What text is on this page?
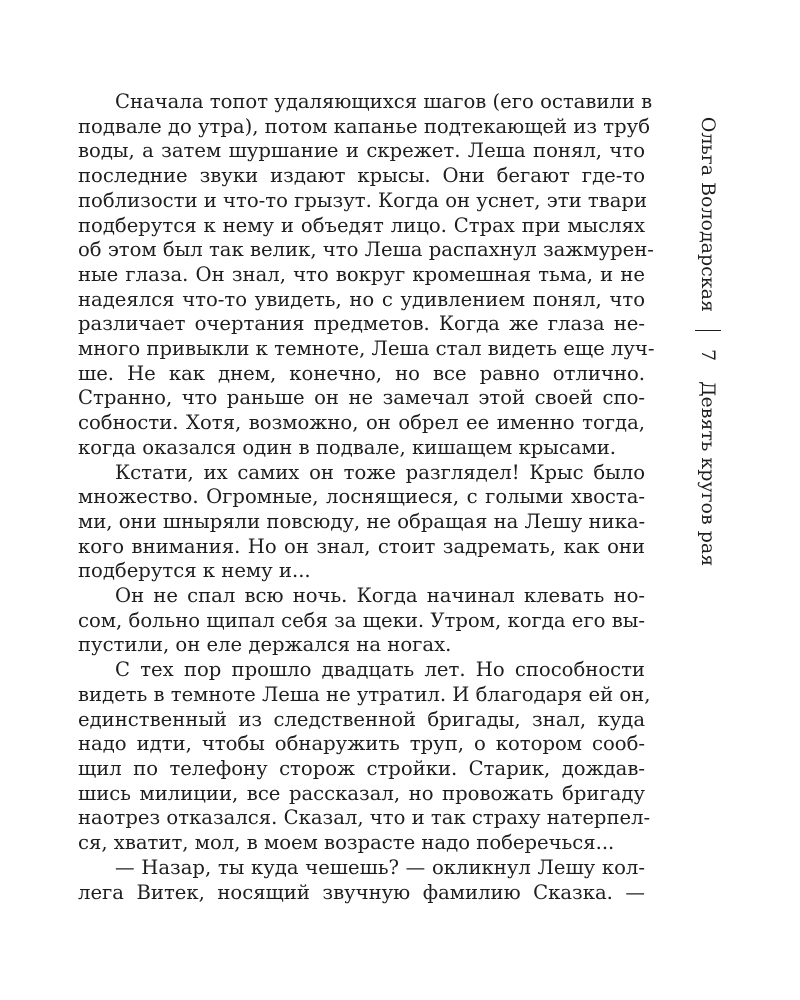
Сначала топот удаляющихся шагов (его оставили в
подвале до утра), потом капанье подтекающей из труб
воды, а затем шуршание и скрежет. Леша понял, что
последние звуки издают крысы. Они бегают где-то
поблизости и что-то грызут. Когда он уснет, эти твари
подберутся к нему и объедят лицо. Страх при мыслях
об этом был так велик, что Леша распахнул зажмурен-
ные глаза. Он знал, что вокруг кромешная тьма, и не
надеялся что-то увидеть, но с удивлением понял, что
различает очертания предметов. Когда же глаза не-
много привыкли к темноте, Леша стал видеть еще луч-
ше. Не как днем, конечно, но все равно отлично.
Странно, что раньше он не замечал этой своей спо-
собности. Хотя, возможно, он обрел ее именно тогда,
когда оказался один в подвале, кишащем крысами.
Кстати, их самих он тоже разглядел! Крыс было
множество. Огромные, лоснящиеся, с голыми хвоста-
ми, они шныряли повсюду, не обращая на Лешу ника-
кого внимания. Но он знал, стоит задремать, как они
подберутся к нему и...
Он не спал всю ночь. Когда начинал клевать но-
сом, больно щипал себя за щеки. Утром, когда его вы-
пустили, он еле держался на ногах.
С тех пор прошло двадцать лет. Но способности
видеть в темноте Леша не утратил. И благодаря ей он,
единственный из следственной бригады, знал, куда
надо идти, чтобы обнаружить труп, о котором сооб-
щил по телефону сторож стройки. Старик, дождав-
шись милиции, все рассказал, но провожать бригаду
наотрез отказался. Сказал, что и так страху натерпел-
ся, хватит, мол, в моем возрасте надо поберечься...
— Назар, ты куда чешешь? — окликнул Лешу кол-
лега Витек, носящий звучную фамилию Сказка. —
Ольга Володарская
7
Девять кругов рая
